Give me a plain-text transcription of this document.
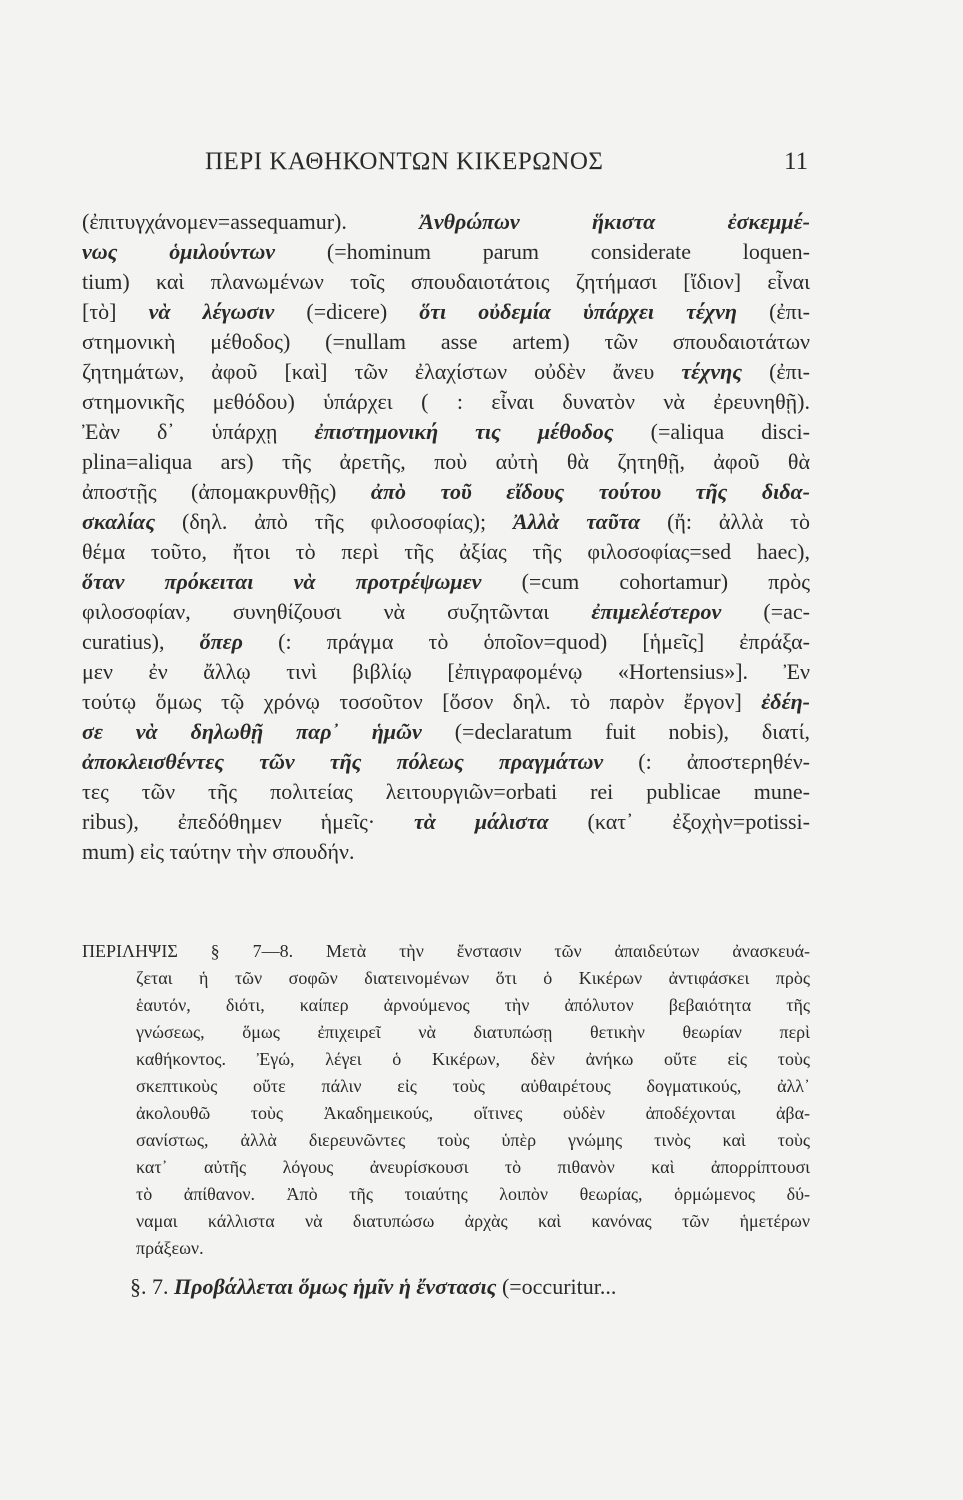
ΠΕΡΙ ΚΑΘΗΚΟΝΤΩΝ ΚΙΚΕΡΩΝΟΣ	11
(ἐπιτυγχάνομεν=assequamur). Ἀνθρώπων ἥκιστα ἐσκεμμέ-
νως ὁμιλούντων (=hominum parum considerate loquen-
tium) καὶ πλανωμένων τοῖς σπουδαιοτάτοις ζητήμασι [ἴδιον] εἶναι
[τὸ] νὰ λέγωσιν (=dicere) ὅτι οὐδεμία ὑπάρχει τέχνη (ἐπι-
στημονικὴ μέθοδος) (=nullam asse artem) τῶν σπουδαιοτάτων
ζητημάτων, ἀφοῦ [καὶ] τῶν ἐλαχίστων οὐδὲν ἄνευ τέχνης (ἐπι-
στημονικῆς μεθόδου) ὑπάρχει ( : εἶναι δυνατὸν νὰ ἐρευνηθῇ).
Ἐὰν δ᾽ ὑπάρχῃ ἐπιστημονική τις μέθοδος (=aliqua disci-
plina=aliqua ars) τῆς ἀρετῆς, ποὺ αὐτὴ θὰ ζητηθῇ, ἀφοῦ θὰ
ἀποστῇς (ἀπομακρυνθῇς) ἀπὸ τοῦ εἴδους τούτου τῆς διδα-
σκαλίας (δηλ. ἀπὸ τῆς φιλοσοφίας); Ἀλλὰ ταῦτα (ἤ: ἀλλὰ τὸ
θέμα τοῦτο, ἤτοι τὸ περὶ τῆς ἀξίας τῆς φιλοσοφίας=sed haec),
ὅταν πρόκειται νὰ προτρέψωμεν (=cum cohortamur) πρὸς
φιλοσοφίαν, συνηθίζουσι νὰ συζητῶνται ἐπιμελέστερον (=ac-
curatius), ὅπερ (: πράγμα τὸ ὁποῖον=quod) [ἡμεῖς] ἐπράξα-
μεν ἐν ἄλλῳ τινὶ βιβλίῳ [ἐπιγραφομένῳ «Hortensius»]. Ἐν
τούτῳ ὅμως τῷ χρόνῳ τοσοῦτον [ὅσον δηλ. τὸ παρὸν ἔργον] ἐδέη-
σε νὰ δηλωθῇ παρ᾽ ἡμῶν (=declaratum fuit nobis), διατί,
ἀποκλεισθέντες τῶν τῆς πόλεως πραγμάτων (: ἀποστερηθέν-
τες τῶν τῆς πολιτείας λειτουργιῶν=orbati rei publicae mune-
ribus), ἐπεδόθημεν ἡμεῖς· τὰ μάλιστα (κατ᾽ ἐξοχὴν=potissi-
mum) εἰς ταύτην τὴν σπουδήν.
ΠΕΡΙΛΗΨΙΣ § 7—8. Μετὰ τὴν ἔνστασιν τῶν ἀπαιδεύτων ἀνασκευά-
ζεται ἡ τῶν σοφῶν διατεινομένων ὅτι ὁ Κικέρων ἀντιφάσκει πρὸς
ἑαυτόν, διότι, καίπερ ἀρνούμενος τὴν ἀπόλυτον βεβαιότητα τῆς
γνώσεως, ὅμως ἐπιχειρεῖ νὰ διατυπώσῃ θετικὴν θεωρίαν περὶ
καθήκοντος. Ἐγώ, λέγει ὁ Κικέρων, δὲν ἀνήκω οὔτε εἰς τοὺς
σκεπτικοὺς οὔτε πάλιν εἰς τοὺς αὐθαιρέτους δογματικούς, ἀλλ᾽
ἀκολουθῶ τοὺς Ἀκαδημεικούς, οἵτινες οὐδὲν ἀποδέχονται ἀβα-
σανίστως, ἀλλὰ διερευνῶντες τοὺς ὑπὲρ γνώμης τινὸς καὶ τοὺς
κατ᾽ αὐτῆς λόγους ἀνευρίσκουσι τὸ πιθανὸν καὶ ἀπορρίπτουσι
τὸ ἀπίθανον. Ἀπὸ τῆς τοιαύτης λοιπὸν θεωρίας, ὁρμώμενος δύ-
ναμαι κάλλιστα νὰ διατυπώσω ἀρχὰς καὶ κανόνας τῶν ἡμετέρων
πράξεων.
§. 7. Προβάλλεται ὅμως ἡμῖν ἡ ἔνστασις (=occuritur...
